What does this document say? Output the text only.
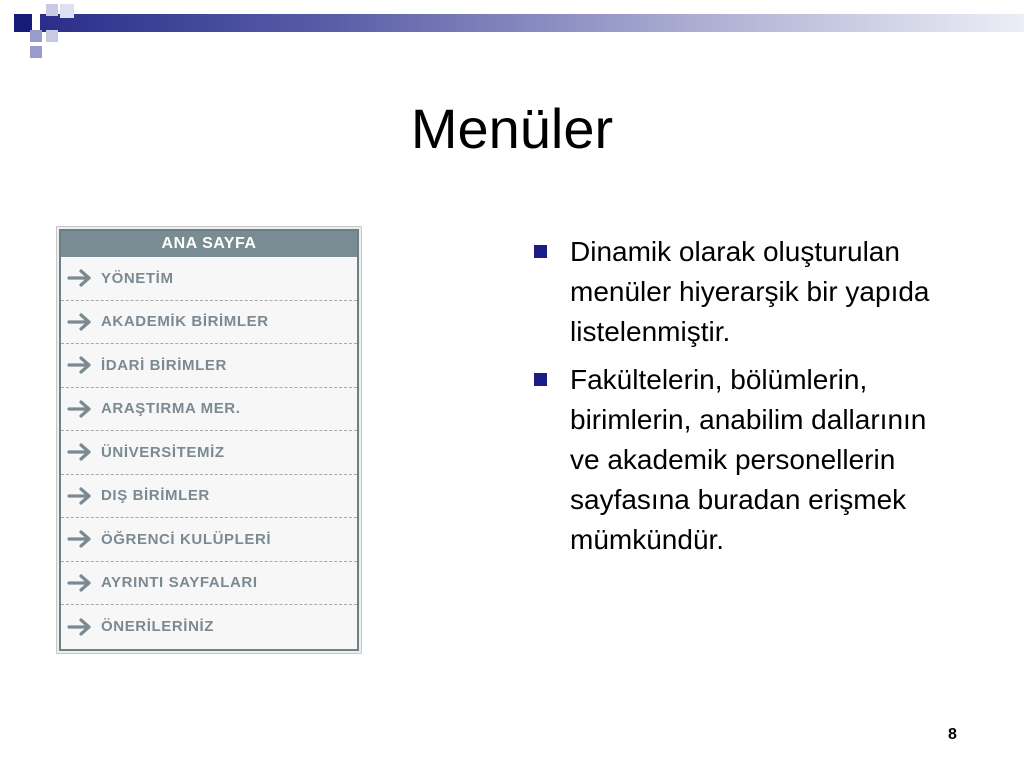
Menüler
ANA SAYFA
YÖNETİM
AKADEMİK BİRİMLER
İDARİ BİRİMLER
ARAŞTIRMA MER.
ÜNİVERSİTEMİZ
DIŞ BİRİMLER
ÖĞRENCİ KULÜPLERİ
AYRINTI SAYFALARI
ÖNERİLERİNİZ
Dinamik olarak oluşturulan menüler hiyerarşik bir yapıda listelenmiştir.
Fakültelerin, bölümlerin, birimlerin, anabilim dallarının ve akademik personellerin sayfasına buradan erişmek mümkündür.
8
